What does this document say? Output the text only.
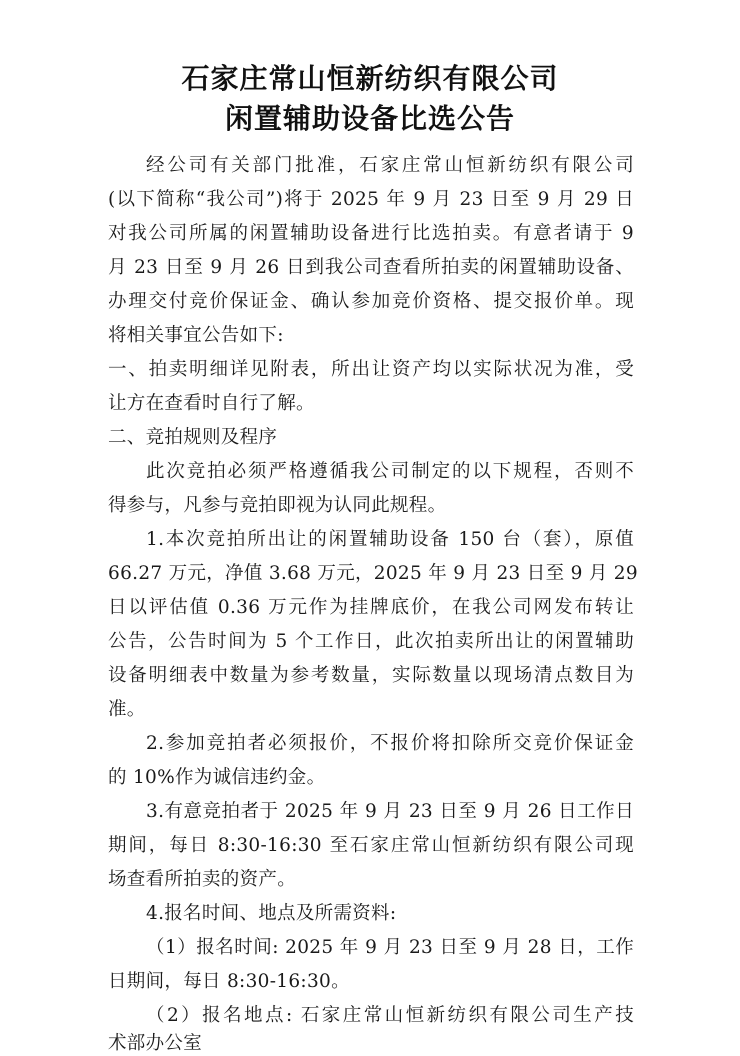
石家庄常山恒新纺织有限公司
闲置辅助设备比选公告
经公司有关部门批准，石家庄常山恒新纺织有限公司
(以下简称“我公司”)将于 2025 年 9 月 23 日至 9 月 29 日
对我公司所属的闲置辅助设备进行比选拍卖。有意者请于 9
月 23 日至 9 月 26 日到我公司查看所拍卖的闲置辅助设备、
办理交付竞价保证金、确认参加竞价资格、提交报价单。现
将相关事宜公告如下:
一、拍卖明细详见附表，所出让资产均以实际状况为准，受
让方在查看时自行了解。
二、竞拍规则及程序
此次竞拍必须严格遵循我公司制定的以下规程，否则不
得参与，凡参与竞拍即视为认同此规程。
1.本次竞拍所出让的闲置辅助设备 150 台（套），原值
66.27 万元，净值 3.68 万元，2025 年 9 月 23 日至 9 月 29
日以评估值 0.36 万元作为挂牌底价，在我公司网发布转让
公告，公告时间为 5 个工作日，此次拍卖所出让的闲置辅助
设备明细表中数量为参考数量，实际数量以现场清点数目为
准。
2.参加竞拍者必须报价，不报价将扣除所交竞价保证金
的 10%作为诚信违约金。
3.有意竞拍者于 2025 年 9 月 23 日至 9 月 26 日工作日
期间，每日 8:30-16:30 至石家庄常山恒新纺织有限公司现
场查看所拍卖的资产。
4.报名时间、地点及所需资料:
（1）报名时间: 2025 年 9 月 23 日至 9 月 28 日，工作
日期间，每日 8:30-16:30。
（2）报名地点: 石家庄常山恒新纺织有限公司生产技
术部办公室
